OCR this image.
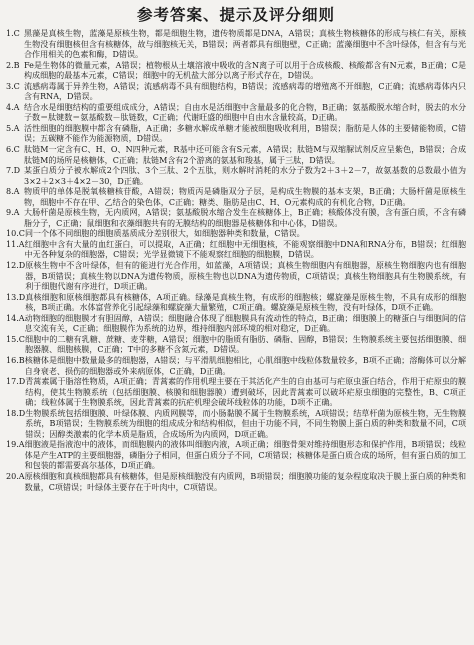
参考答案、提示及评分细则
1.C 黑藻是真核生物，蓝藻是原核生物，都是细胞生物，遗传物质都是DNA，A错误；真核生物核糖体的形成与核仁有关，原核生物没有细胞核但含有核糖体，故与细胞核无关，B错误；两者都具有细胞壁，C正确；蓝藻细胞中不含叶绿体，但含有与光合作用相关的色素和酶，D错误。
2.B Fe是生物体的微量元素，A错误；植物根从土壤溶液中吸收的含N离子可以用于合成核酸、核酸都含有N元素，B正确；C是构成细胞的最基本元素，C错误；细胞中的无机盐大部分以离子形式存在，D错误。
3.C 流感病毒属于异养生物，A错误；流感病毒不具有细胞结构，B错误；流感病毒的增殖离不开细胞，C正确；流感病毒体内只含有RNA，D错误。
4.A 结合水是细胞结构的重要组成成分，A错误；自由水是活细胞中含量最多的化合物，B正确；氨基酸脱水缩合时，脱去的水分子数＝肽键数＝氨基酸数－肽链数，C正确；代谢旺盛的细胞中自由水含量较高，D正确。
5.A 活性细胞的细胞膜中都含有磷脂，A正确；多糖水解成单糖才能被细胞吸收利用，B错误；脂肪是人体的主要储能物质，C错误；五碳糖不能作为能源物质，D错误。
6.C 肽链M一定含有C、H、O、N四种元素，R基中还可能含有S元素，A错误；肽链M与双缩脲试剂反应呈紫色，B错误；合成肽链M的场所是核糖体，C正确；肽链M含有2个游离的氨基和羧基，属于三肽，D错误。
7.D 某蛋白质分子被水解成2个四肽、3个三肽、2个五肽，则水解时消耗的水分子数为2＋3＋2－7，故氨基数的总数最小值为3×2＋2×3＋4×2－30，D正确。
8.A 物质甲的单体是脱氧核糖核苷酸，A错误；物质丙是磷脂双分子层，是构成生物膜的基本支架，B正确；大肠杆菌是原核生物，细胞中不存在甲、乙结合的染色体，C正确；糖类、脂肪是由C、H、O元素构成的有机化合物，D正确。
9.A 大肠杆菌是原核生物，无内质网，A错误；氨基酸脱水缩合发生在核糖体上，B正确；核酸体没有膜，含有蛋白质，不含有磷脂分子，C正确；鼠细胞和衣藻细胞共有的无膜结构的细胞器是核糖体和中心体，D错误。
10.C 同一个体不同细胞的细胞质基质成分差别很大，如细胞器种类和数量，C错误。
11.A 红细胞中含有大量的血红蛋白，可以提取，A正确；红细胞中无细胞核，不能观察细胞中DNA和RNA分布，B错误；红细胞中无各种复杂的细胞器，C错误；光学显微镜下不能观察红细胞的细胞膜，D错误。
12.D 原核生物中不含叶绿体，但有的能进行光合作用，如蓝藻，A项错误；真核生物细胞内有细胞器，原核生物细胞内也有细胞器，B项错误；真核生物以DNA为遗传物质，原核生物也以DNA为遗传物质，C项错误；真核生物细胞具有生物膜系统，有利于细胞代谢有序进行，D项正确。
13.D 真核细胞和原核细胞都具有核糖体，A项正确。绿藻是真核生物，有成形的细胞核；螺旋藻是原核生物，不具有成形的细胞核，B项正确。水体富营养化引起绿藻和螺旋藻大量繁殖，C项正确。螺旋藻是原核生物，没有叶绿体，D项不正确。
14.A 动物细胞的细胞膜才有胆固醇，A错误；细胞融合体现了细胞膜具有流动性的特点，B正确；细胞膜上的糖蛋白与细胞间的信息交流有关，C正确；细胞膜作为系统的边界，维持细胞内部环境的相对稳定，D正确。
15.C 细胞中的二糖有乳糖、蔗糖、麦芽糖，A错误；细胞中的脂质有脂肪、磷脂、固醇，B错误；生物膜系统主要包括细胞膜、细胞器膜、细胞核膜，C正确；T中的多糖不含氮元素，D错误。
16.B 核糖体是细胞中数量最多的细胞器，A错误；与平滑肌细胞相比，心肌细胞中线粒体数量较多，B项不正确；溶酶体可以分解自身衰老、损伤的细胞器或外来病原体，C正确，D正确。
17.D 青蒿素属于脂溶性物质，A项正确；青蒿素的作用机理主要在于其活化产生的自由基可与疟原虫蛋白结合，作用于疟原虫的膜结构，使其生物膜系统（包括细胞膜、核膜和细胞器膜）遭到破坏，因此青蒿素可以破坏疟原虫细胞的完整性，B、C项正确；线粒体属于生物膜系统，因此青蒿素的抗疟机理会破坏线粒体的功能，D项不正确。
18.D 生物膜系统包括细胞膜、叶绿体膜、内质网膜等，而小肠黏膜不属于生物膜系统，A项错误；结草杆菌为原核生物，无生物膜系统，B项错误；生物膜系统为细胞的组成成分和结构相似，但由于功能不同，不同生物膜上蛋白质的种类和数量不同，C项错误；因醇类激素的化学本质是脂质，合成场所为内质网，D项正确。
19.A 细胞液是指液泡中的液体，而细胞膜内的液体叫细胞内液，A项正确；细胞骨架对维持细胞形态和保护作用，B项错误；线粒体是产生ATP的主要细胞器，磷脂分子相同，但蛋白质分子不同，C项错误；核糖体是蛋白质合成的场所，但有蛋白质的加工和包装的都需要高尔基体，D项正确。
20.A 原核细胞和真核细胞都具有核糖体，但是原核细胞没有内质网，B项错误；细胞膜功能的复杂程度取决于膜上蛋白质的种类和数量，C项错误；叶绿体主要存在于叶肉中，C项错误。
